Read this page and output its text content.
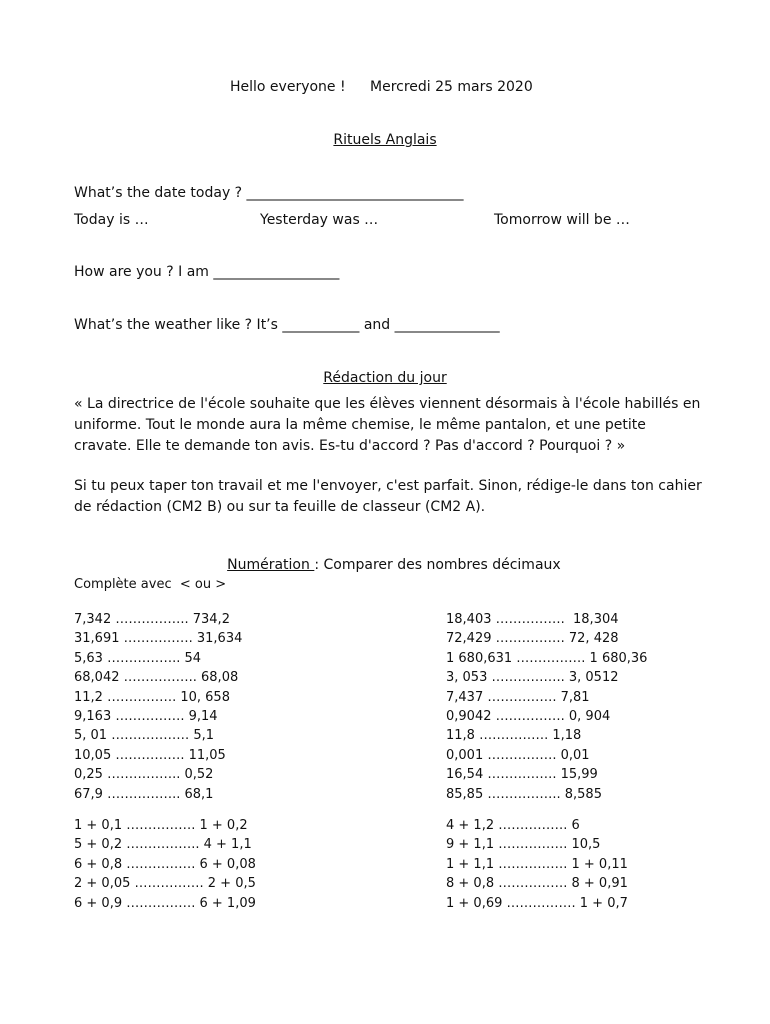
Hello everyone ! Mercredi 25 mars 2020
Rituels Anglais
What’s the date today ? _______________________________
Today is …	Yesterday was …	Tomorrow will be …
How are you ? I am __________________
What’s the weather like ? It’s ___________ and _______________
Rédaction du jour
« La directrice de l'école souhaite que les élèves viennent désormais à l'école habillés en uniforme. Tout le monde aura la même chemise, le même pantalon, et une petite cravate. Elle te demande ton avis. Es-tu d'accord ? Pas d'accord ? Pourquoi ? »
Si tu peux taper ton travail et me l'envoyer, c'est parfait. Sinon, rédige-le dans ton cahier de rédaction (CM2 B) ou sur ta feuille de classeur (CM2 A).

Numération : Comparer des nombres décimaux

Complète avec  < ou >
7,342 …………….. 734,2
31,691 ……………. 31,634
5,63 …………….. 54
68,042 …………….. 68,08
11,2 ……………. 10, 658
9,163 ……………. 9,14
5, 01 ……………… 5,1
10,05 ……………. 11,05
0,25 …………….. 0,52
67,9 …………….. 68,1
18,403 …………….  18,304
72,429 ……………. 72, 428
1 680,631 ……………. 1 680,36
3, 053 …………….. 3, 0512
7,437 ……………. 7,81
0,9042 ……………. 0, 904
11,8 ……………. 1,18
0,001 ……………. 0,01
16,54 ……………. 15,99
85,85 …………….. 8,585
1 + 0,1 ……………. 1 + 0,2
5 + 0,2 …………….. 4 + 1,1
6 + 0,8 ……………. 6 + 0,08
2 + 0,05 ……………. 2 + 0,5
6 + 0,9 ……………. 6 + 1,09
4 + 1,2 ……………. 6
9 + 1,1 ……………. 10,5
1 + 1,1 ……………. 1 + 0,11
8 + 0,8 ……………. 8 + 0,91
1 + 0,69 ……………. 1 + 0,7
